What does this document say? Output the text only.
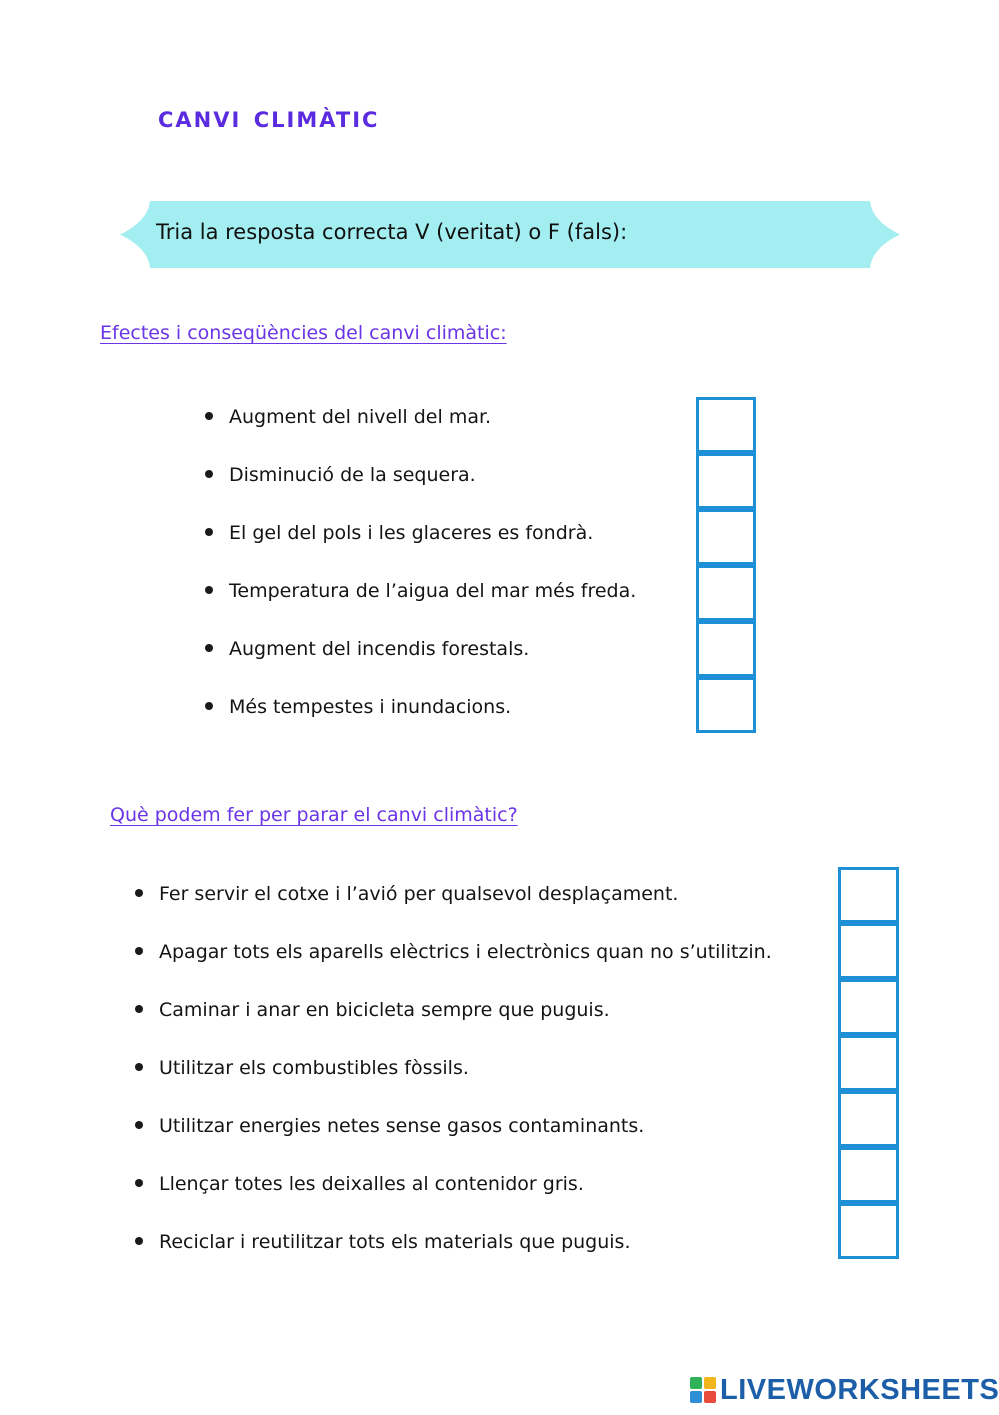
canvi climàtic
Tria la resposta correcta V (veritat) o F (fals):
Efectes i conseqüències del canvi climàtic:
Augment del nivell del mar.
Disminució de la sequera.
El gel del pols i les glaceres es fondrà.
Temperatura de l’aigua del mar més freda.
Augment del incendis forestals.
Més tempestes i inundacions.
Què podem fer per parar el canvi climàtic?
Fer servir el cotxe i l’avió per qualsevol desplaçament.
Apagar tots els aparells elèctrics i electrònics quan no s’utilitzin.
Caminar i anar en bicicleta sempre que puguis.
Utilitzar els combustibles fòssils.
Utilitzar energies netes sense gasos contaminants.
Llençar totes les deixalles al contenidor gris.
Reciclar i reutilitzar tots els materials que puguis.
LIVEWORKSHEETS
